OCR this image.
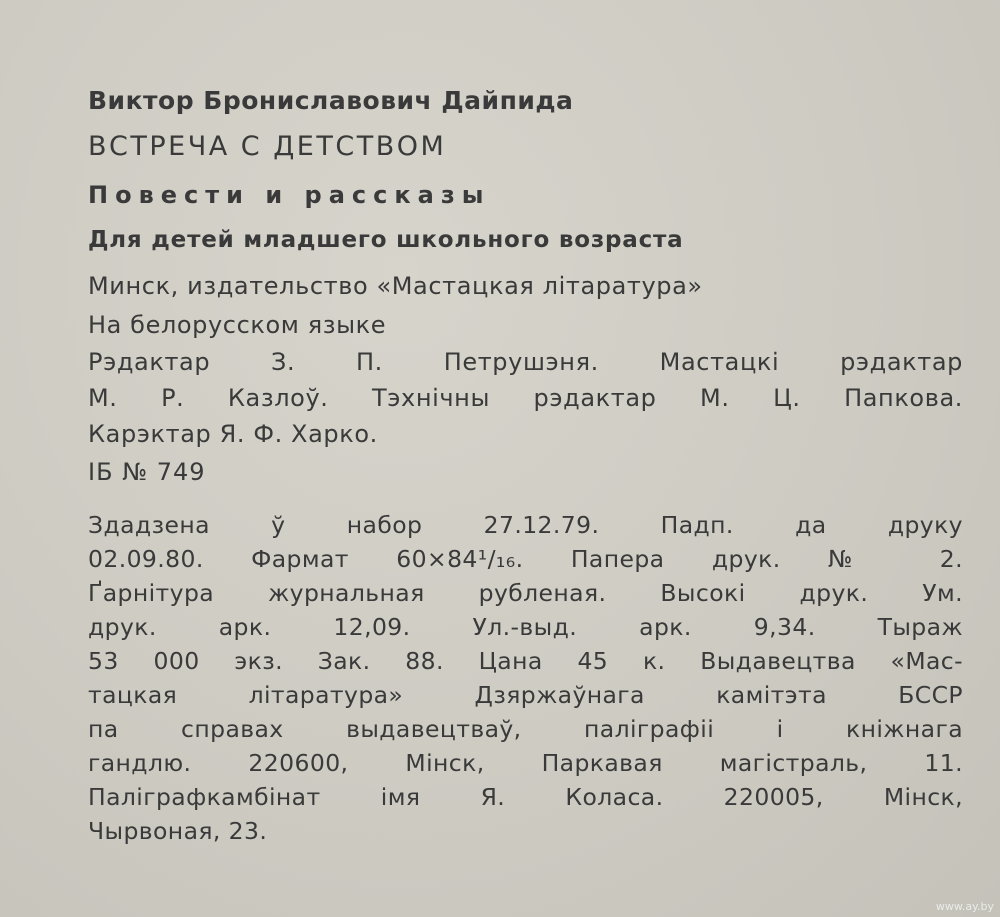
Виктор Брониславович Дайпида
ВСТРЕЧА С ДЕТСТВОМ
Повести и рассказы
Для детей младшего школьного возраста
Минск, издательство «Мастацкая літаратура»
На белорусском языке
Рэдактар З. П. Петрушэня. Мастацкі рэдактар
М. Р. Казлоў. Тэхнічны рэдактар М. Ц. Папкова.
Карэктар Я. Ф. Харко.
ІБ № 749
Здадзена ў набор 27.12.79. Падп. да друку
02.09.80. Фармат 60×84¹/₁₆. Папера друк. № 2.
Ґарнітура журнальная рубленая. Высокі друк. Ум.
друк. арк. 12,09. Ул.-выд. арк. 9,34. Тыраж
53 000 экз. Зак. 88. Цана 45 к. Выдавецтва «Мас-
тацкая літаратура» Дзяржаўнага камітэта БССР
па справах выдавецтваў, паліграфіі і кніжнага
гандлю. 220600, Мінск, Паркавая магістраль, 11.
Паліграфкамбінат імя Я. Коласа. 220005, Мінск,
Чырвоная, 23.
www.ay.by
